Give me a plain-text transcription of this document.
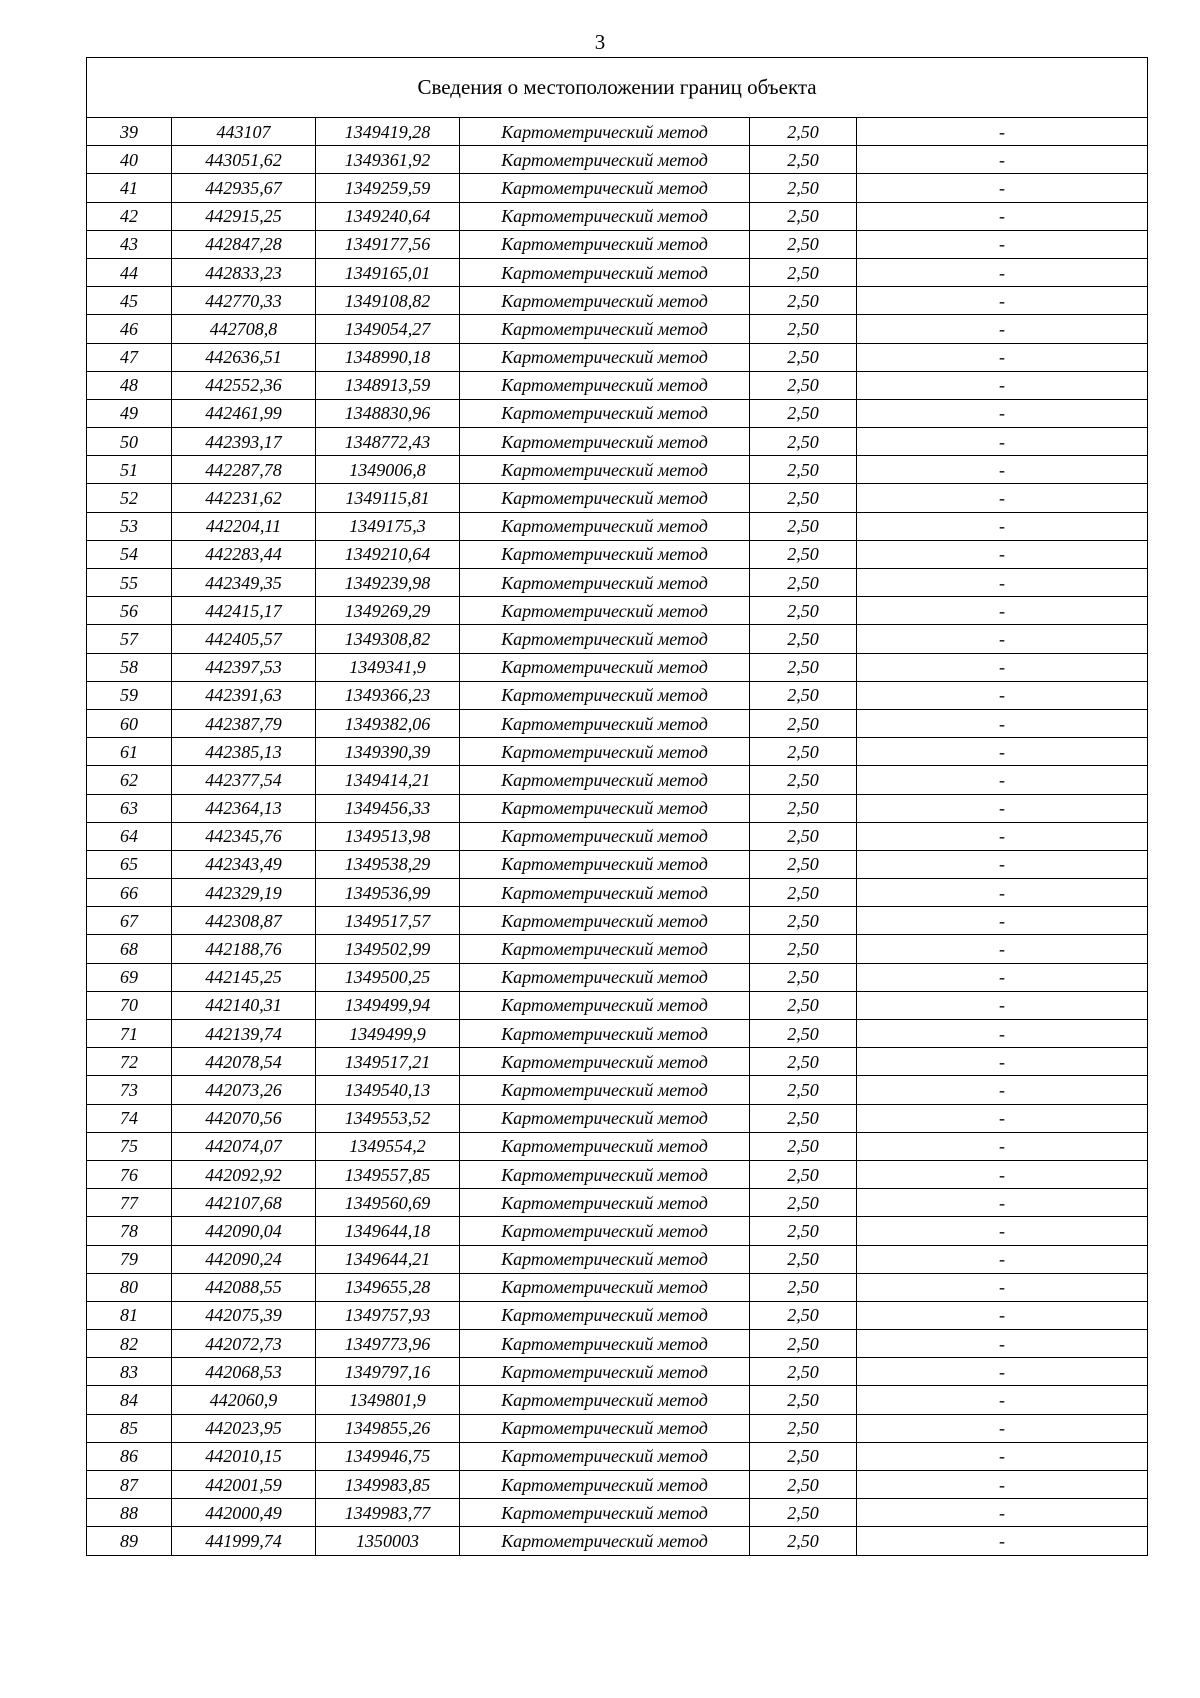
3
Сведения о местоположении границ объекта					
39	443107	1349419,28	Картометрический метод	2,50	-
40	443051,62	1349361,92	Картометрический метод	2,50	-
41	442935,67	1349259,59	Картометрический метод	2,50	-
42	442915,25	1349240,64	Картометрический метод	2,50	-
43	442847,28	1349177,56	Картометрический метод	2,50	-
44	442833,23	1349165,01	Картометрический метод	2,50	-
45	442770,33	1349108,82	Картометрический метод	2,50	-
46	442708,8	1349054,27	Картометрический метод	2,50	-
47	442636,51	1348990,18	Картометрический метод	2,50	-
48	442552,36	1348913,59	Картометрический метод	2,50	-
49	442461,99	1348830,96	Картометрический метод	2,50	-
50	442393,17	1348772,43	Картометрический метод	2,50	-
51	442287,78	1349006,8	Картометрический метод	2,50	-
52	442231,62	1349115,81	Картометрический метод	2,50	-
53	442204,11	1349175,3	Картометрический метод	2,50	-
54	442283,44	1349210,64	Картометрический метод	2,50	-
55	442349,35	1349239,98	Картометрический метод	2,50	-
56	442415,17	1349269,29	Картометрический метод	2,50	-
57	442405,57	1349308,82	Картометрический метод	2,50	-
58	442397,53	1349341,9	Картометрический метод	2,50	-
59	442391,63	1349366,23	Картометрический метод	2,50	-
60	442387,79	1349382,06	Картометрический метод	2,50	-
61	442385,13	1349390,39	Картометрический метод	2,50	-
62	442377,54	1349414,21	Картометрический метод	2,50	-
63	442364,13	1349456,33	Картометрический метод	2,50	-
64	442345,76	1349513,98	Картометрический метод	2,50	-
65	442343,49	1349538,29	Картометрический метод	2,50	-
66	442329,19	1349536,99	Картометрический метод	2,50	-
67	442308,87	1349517,57	Картометрический метод	2,50	-
68	442188,76	1349502,99	Картометрический метод	2,50	-
69	442145,25	1349500,25	Картометрический метод	2,50	-
70	442140,31	1349499,94	Картометрический метод	2,50	-
71	442139,74	1349499,9	Картометрический метод	2,50	-
72	442078,54	1349517,21	Картометрический метод	2,50	-
73	442073,26	1349540,13	Картометрический метод	2,50	-
74	442070,56	1349553,52	Картометрический метод	2,50	-
75	442074,07	1349554,2	Картометрический метод	2,50	-
76	442092,92	1349557,85	Картометрический метод	2,50	-
77	442107,68	1349560,69	Картометрический метод	2,50	-
78	442090,04	1349644,18	Картометрический метод	2,50	-
79	442090,24	1349644,21	Картометрический метод	2,50	-
80	442088,55	1349655,28	Картометрический метод	2,50	-
81	442075,39	1349757,93	Картометрический метод	2,50	-
82	442072,73	1349773,96	Картометрический метод	2,50	-
83	442068,53	1349797,16	Картометрический метод	2,50	-
84	442060,9	1349801,9	Картометрический метод	2,50	-
85	442023,95	1349855,26	Картометрический метод	2,50	-
86	442010,15	1349946,75	Картометрический метод	2,50	-
87	442001,59	1349983,85	Картометрический метод	2,50	-
88	442000,49	1349983,77	Картометрический метод	2,50	-
89	441999,74	1350003	Картометрический метод	2,50	-
